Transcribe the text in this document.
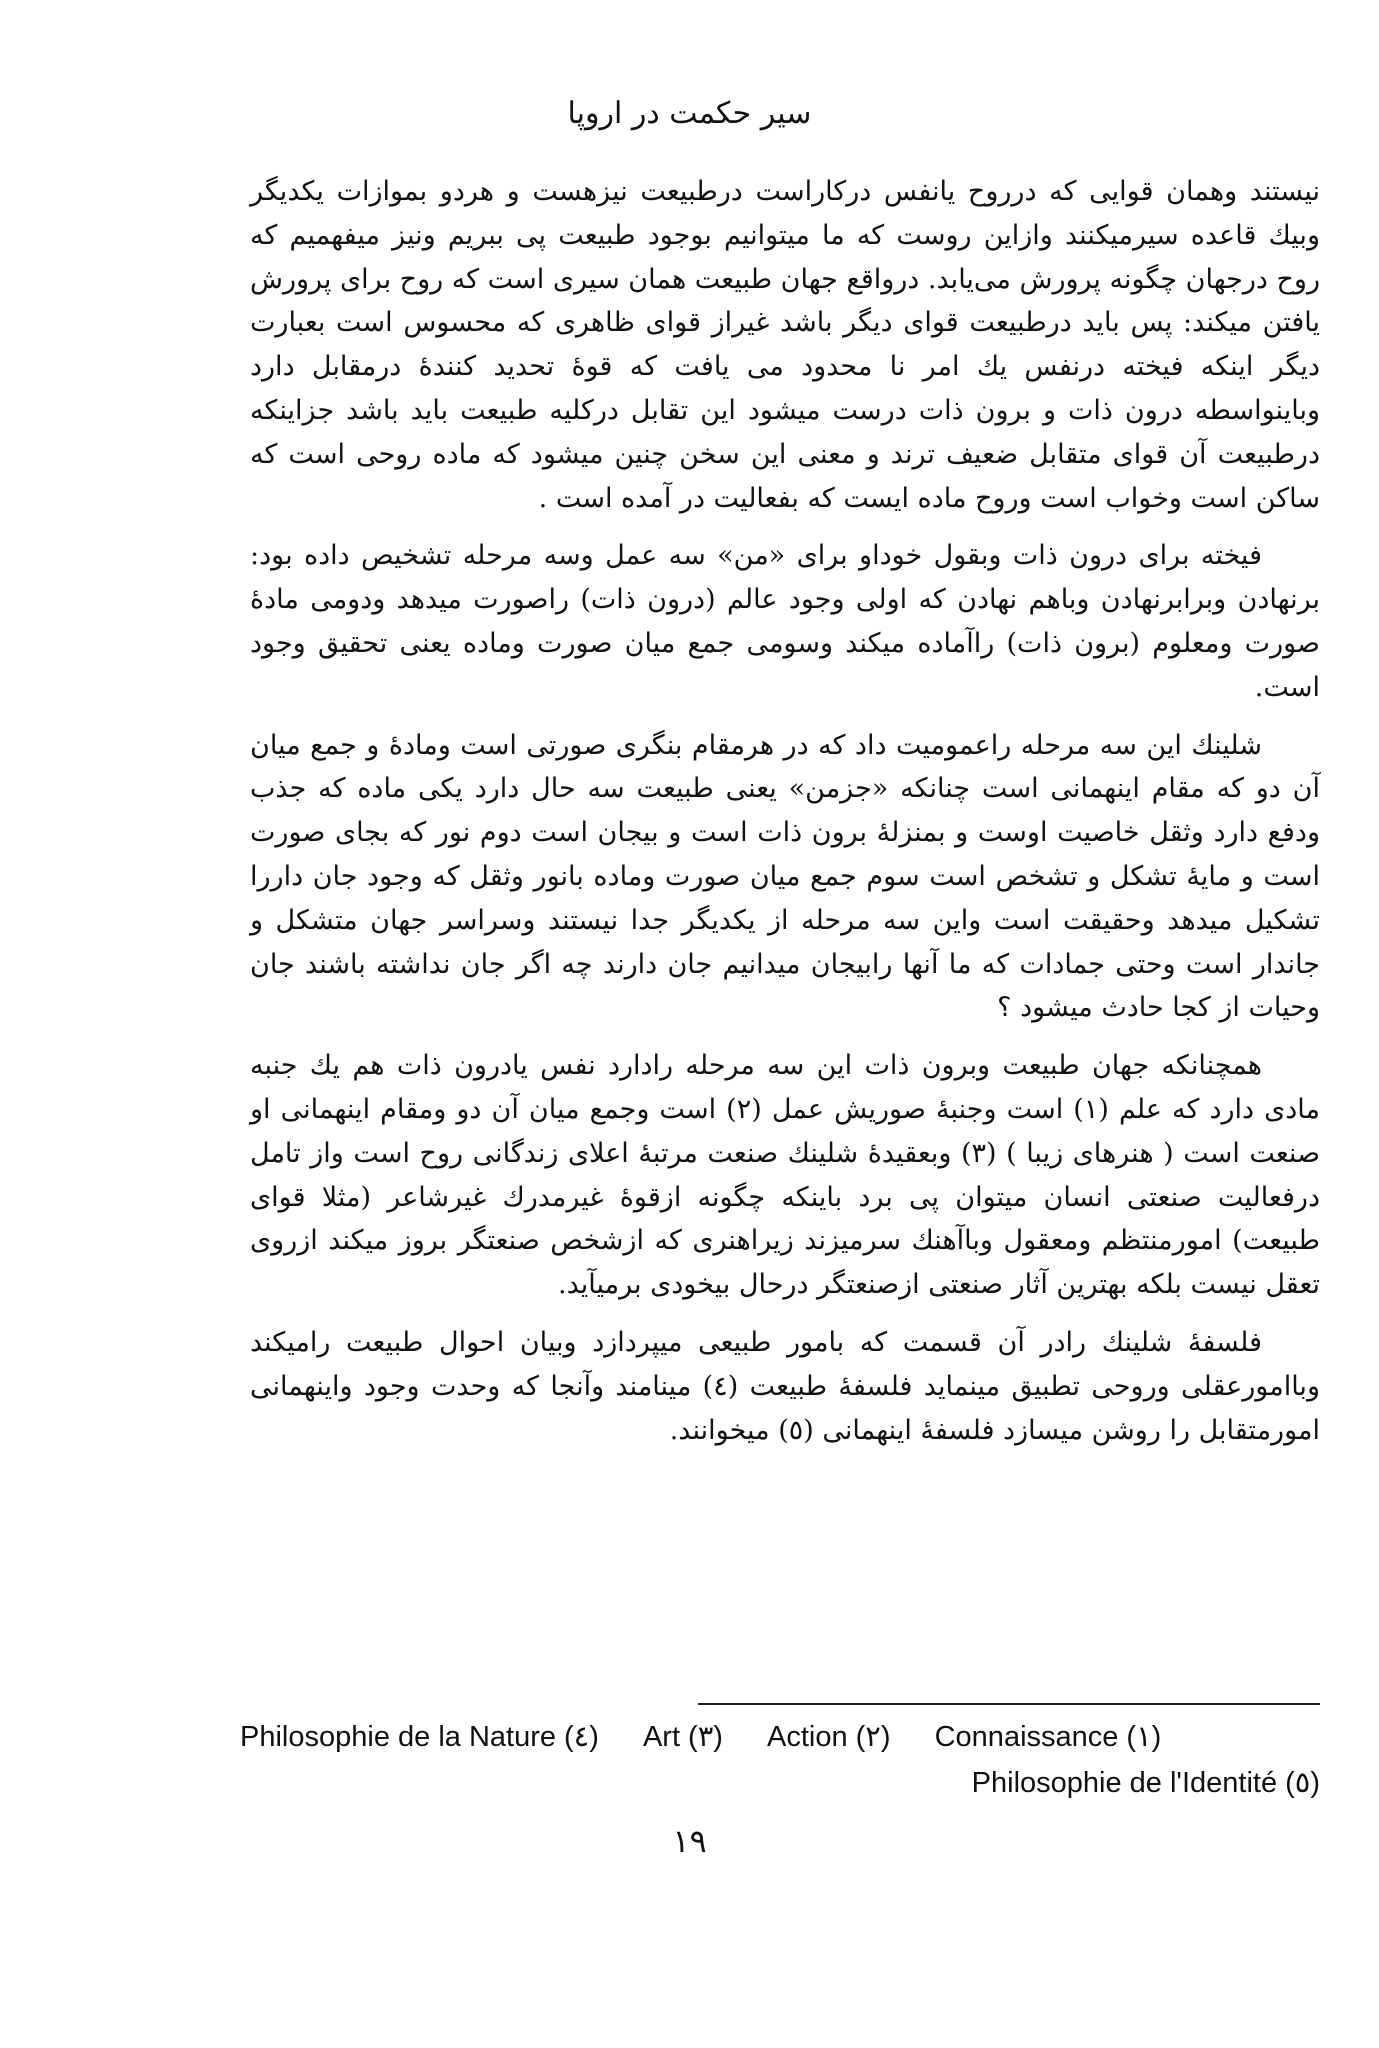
سیر حکمت در اروپا

نیستند وهمان قوایی که درروح یانفس درکاراست درطبیعت نیزهست و هردو بموازات یکدیگر وبیك قاعده سیرمیکنند وازاین روست که ما میتوانیم بوجود طبیعت پی ببریم ونیز میفهمیم که روح درجهان چگونه پرورش می‌یابد. درواقع جهان طبیعت همان سیری است که روح برای پرورش یافتن میکند: پس باید درطبیعت قوای دیگر باشد غیراز قوای ظاهری که محسوس است بعبارت دیگر اینکه فیخته درنفس یك امر نا محدود می یافت که قوهٔ تحدید کنندهٔ درمقابل دارد وباینواسطه درون ذات و برون ذات درست میشود این تقابل درکلیه طبیعت باید باشد جزاینکه درطبیعت آن قوای متقابل ضعیف ترند و معنی این سخن چنین میشود که ماده روحی است که ساکن است وخواب است وروح ماده ایست که بفعالیت در آمده است .

فیخته برای درون ذات وبقول خوداو برای «من» سه عمل وسه مرحله تشخیص داده بود: برنهادن وبرابرنهادن وباهم نهادن که اولی وجود عالم (درون ذات) راصورت میدهد ودومی مادهٔ صورت ومعلوم (برون ذات) راآماده میکند وسومی جمع میان صورت وماده یعنی تحقیق وجود است.

شلینك این سه مرحله راعمومیت داد که در هرمقام بنگری صورتی است ومادهٔ و جمع میان آن دو که مقام اینهمانی است چنانکه «جزمن» یعنی طبیعت سه حال دارد یکی ماده که جذب ودفع دارد وثقل خاصیت اوست و بمنزلهٔ برون ذات است و بیجان است دوم نور که بجای صورت است و مایهٔ تشکل و تشخص است سوم جمع میان صورت وماده بانور وثقل که وجود جان داررا تشکیل میدهد وحقیقت است واین سه مرحله از یکدیگر جدا نیستند وسراسر جهان متشکل و جاندار است وحتی جمادات که ما آنها رابیجان میدانیم جان دارند چه اگر جان نداشته باشند جان وحیات از کجا حادث میشود ؟

همچنانکه جهان طبیعت وبرون ذات این سه مرحله رادارد نفس یادرون ذات هم یك جنبه مادی دارد که علم (١) است وجنبهٔ صوریش عمل (٢) است وجمع میان آن دو ومقام اینهمانی او صنعت است ( هنرهای زیبا ) (٣) وبعقیدهٔ شلینك صنعت مرتبهٔ اعلای زندگانی روح است واز تامل درفعالیت صنعتی انسان میتوان پی برد باینکه چگونه ازقوهٔ غیرمدرك غیرشاعر (مثلا قوای طبیعت) امورمنتظم ومعقول وباآهنك سرمیزند زیراهنری که ازشخص صنعتگر بروز میکند ازروی تعقل نیست بلکه بهترین آثار صنعتی ازصنعتگر درحال بیخودی برمیآید.

فلسفهٔ شلینك رادر آن قسمت که بامور طبیعی میپردازد وبیان احوال طبیعت رامیکند وباامورعقلی وروحی تطبیق مینماید فلسفهٔ طبیعت (٤) مینامند وآنجا که وحدت وجود واینهمانی امورمتقابل را روشن میسازد فلسفهٔ اینهمانی (٥) میخوانند.

Philosophie de la Nature (٤) Art (٣) Action (٢) Connaissance (١)
Philosophie de l'Identité (٥)
١٩
